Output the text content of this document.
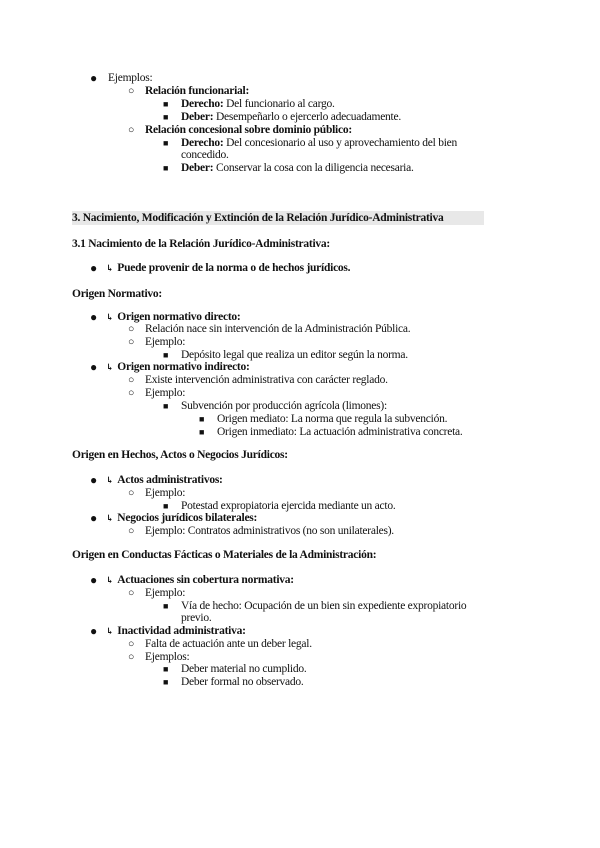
● Ejemplos:
○ Relación funcionarial:
■ Derecho: Del funcionario al cargo.
■ Deber: Desempeñarlo o ejercerlo adecuadamente.
○ Relación concesional sobre dominio público:
■ Derecho: Del concesionario al uso y aprovechamiento del bien
concedido.
■ Deber: Conservar la cosa con la diligencia necesaria.
3. Nacimiento, Modificación y Extinción de la Relación Jurídico-Administrativa
3.1 Nacimiento de la Relación Jurídico-Administrativa:
● ↳ Puede provenir de la norma o de hechos jurídicos.
Origen Normativo:
● ↳ Origen normativo directo:
○ Relación nace sin intervención de la Administración Pública.
○ Ejemplo:
■ Depósito legal que realiza un editor según la norma.
● ↳ Origen normativo indirecto:
○ Existe intervención administrativa con carácter reglado.
○ Ejemplo:
■ Subvención por producción agrícola (limones):
■ Origen mediato: La norma que regula la subvención.
■ Origen inmediato: La actuación administrativa concreta.
Origen en Hechos, Actos o Negocios Jurídicos:
● ↳ Actos administrativos:
○ Ejemplo:
■ Potestad expropiatoria ejercida mediante un acto.
● ↳ Negocios jurídicos bilaterales:
○ Ejemplo: Contratos administrativos (no son unilaterales).
Origen en Conductas Fácticas o Materiales de la Administración:
● ↳ Actuaciones sin cobertura normativa:
○ Ejemplo:
■ Vía de hecho: Ocupación de un bien sin expediente expropiatorio
previo.
● ↳ Inactividad administrativa:
○ Falta de actuación ante un deber legal.
○ Ejemplos:
■ Deber material no cumplido.
■ Deber formal no observado.
